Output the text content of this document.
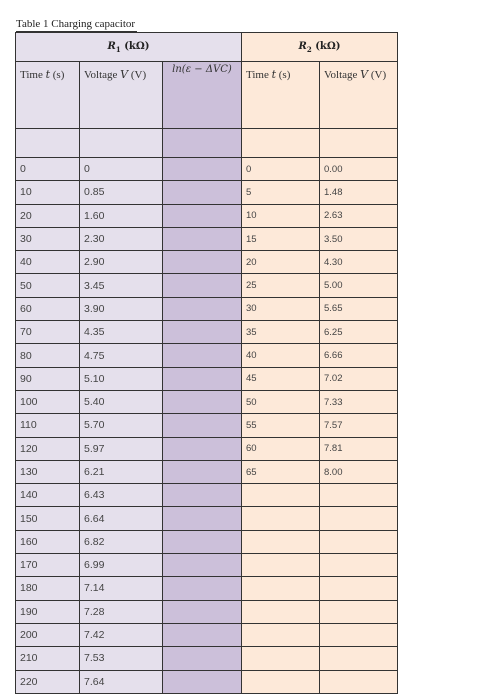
Table 1 Charging capacitor
$R_1$ (kΩ)			$R_2$ (kΩ)	
Time t (s)	Voltage V (V)	ln(ε − ΔVC)	Time t (s)	Voltage V (V)

0	0		0	0.00
10	0.85		5	1.48
20	1.60		10	2.63
30	2.30		15	3.50
40	2.90		20	4.30
50	3.45		25	5.00
60	3.90		30	5.65
70	4.35		35	6.25
80	4.75		40	6.66
90	5.10		45	7.02
100	5.40		50	7.33
110	5.70		55	7.57
120	5.97		60	7.81
130	6.21		65	8.00
140	6.43			
150	6.64			
160	6.82			
170	6.99			
180	7.14			
190	7.28			
200	7.42			
210	7.53			
220	7.64			
